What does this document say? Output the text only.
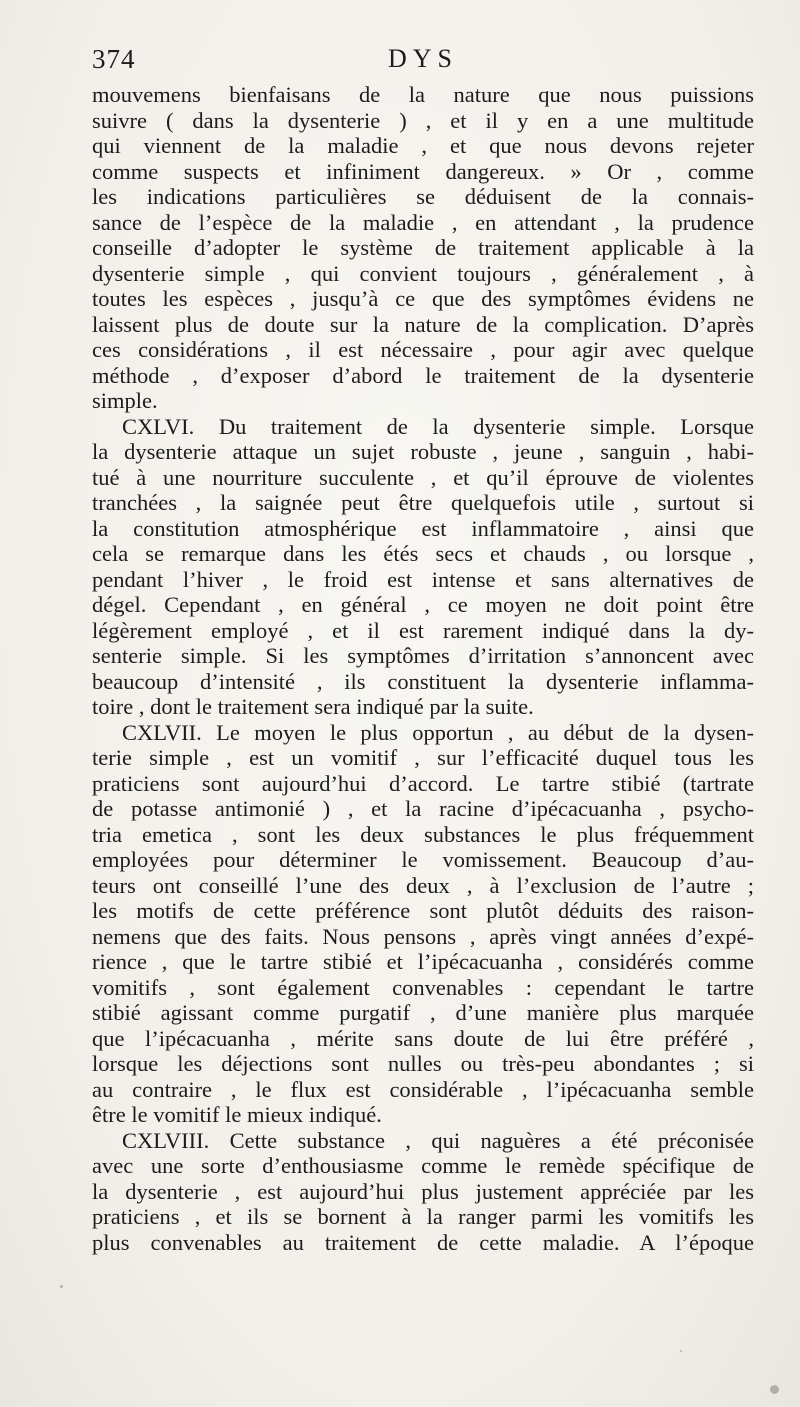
374	DYS
mouvemens bienfaisans de la nature que nous puissions
suivre ( dans la dysenterie ) , et il y en a une multitude
qui viennent de la maladie , et que nous devons rejeter
comme suspects et infiniment dangereux. » Or , comme
les indications particulières se déduisent de la connais-
sance de l’espèce de la maladie , en attendant , la prudence
conseille d’adopter le système de traitement applicable à la
dysenterie simple , qui convient toujours , généralement , à
toutes les espèces , jusqu’à ce que des symptômes évidens ne
laissent plus de doute sur la nature de la complication. D’après
ces considérations , il est nécessaire , pour agir avec quelque
méthode , d’exposer d’abord le traitement de la dysenterie
simple.
CXLVI. Du traitement de la dysenterie simple. Lorsque
la dysenterie attaque un sujet robuste , jeune , sanguin , habi-
tué à une nourriture succulente , et qu’il éprouve de violentes
tranchées , la saignée peut être quelquefois utile , surtout si
la constitution atmosphérique est inflammatoire , ainsi que
cela se remarque dans les étés secs et chauds , ou lorsque ,
pendant l’hiver , le froid est intense et sans alternatives de
dégel. Cependant , en général , ce moyen ne doit point être
légèrement employé , et il est rarement indiqué dans la dy-
senterie simple. Si les symptômes d’irritation s’annoncent avec
beaucoup d’intensité , ils constituent la dysenterie inflamma-
toire , dont le traitement sera indiqué par la suite.
CXLVII. Le moyen le plus opportun , au début de la dysen-
terie simple , est un vomitif , sur l’efficacité duquel tous les
praticiens sont aujourd’hui d’accord. Le tartre stibié (tartrate
de potasse antimonié ) , et la racine d’ipécacuanha , psycho-
tria emetica , sont les deux substances le plus fréquemment
employées pour déterminer le vomissement. Beaucoup d’au-
teurs ont conseillé l’une des deux , à l’exclusion de l’autre ;
les motifs de cette préférence sont plutôt déduits des raison-
nemens que des faits. Nous pensons , après vingt années d’expé-
rience , que le tartre stibié et l’ipécacuanha , considérés comme
vomitifs , sont également convenables : cependant le tartre
stibié agissant comme purgatif , d’une manière plus marquée
que l’ipécacuanha , mérite sans doute de lui être préféré ,
lorsque les déjections sont nulles ou très-peu abondantes ; si
au contraire , le flux est considérable , l’ipécacuanha semble
être le vomitif le mieux indiqué.
CXLVIII. Cette substance , qui naguères a été préconisée
avec une sorte d’enthousiasme comme le remède spécifique de
la dysenterie , est aujourd’hui plus justement appréciée par les
praticiens , et ils se bornent à la ranger parmi les vomitifs les
plus convenables au traitement de cette maladie. A l’époque
